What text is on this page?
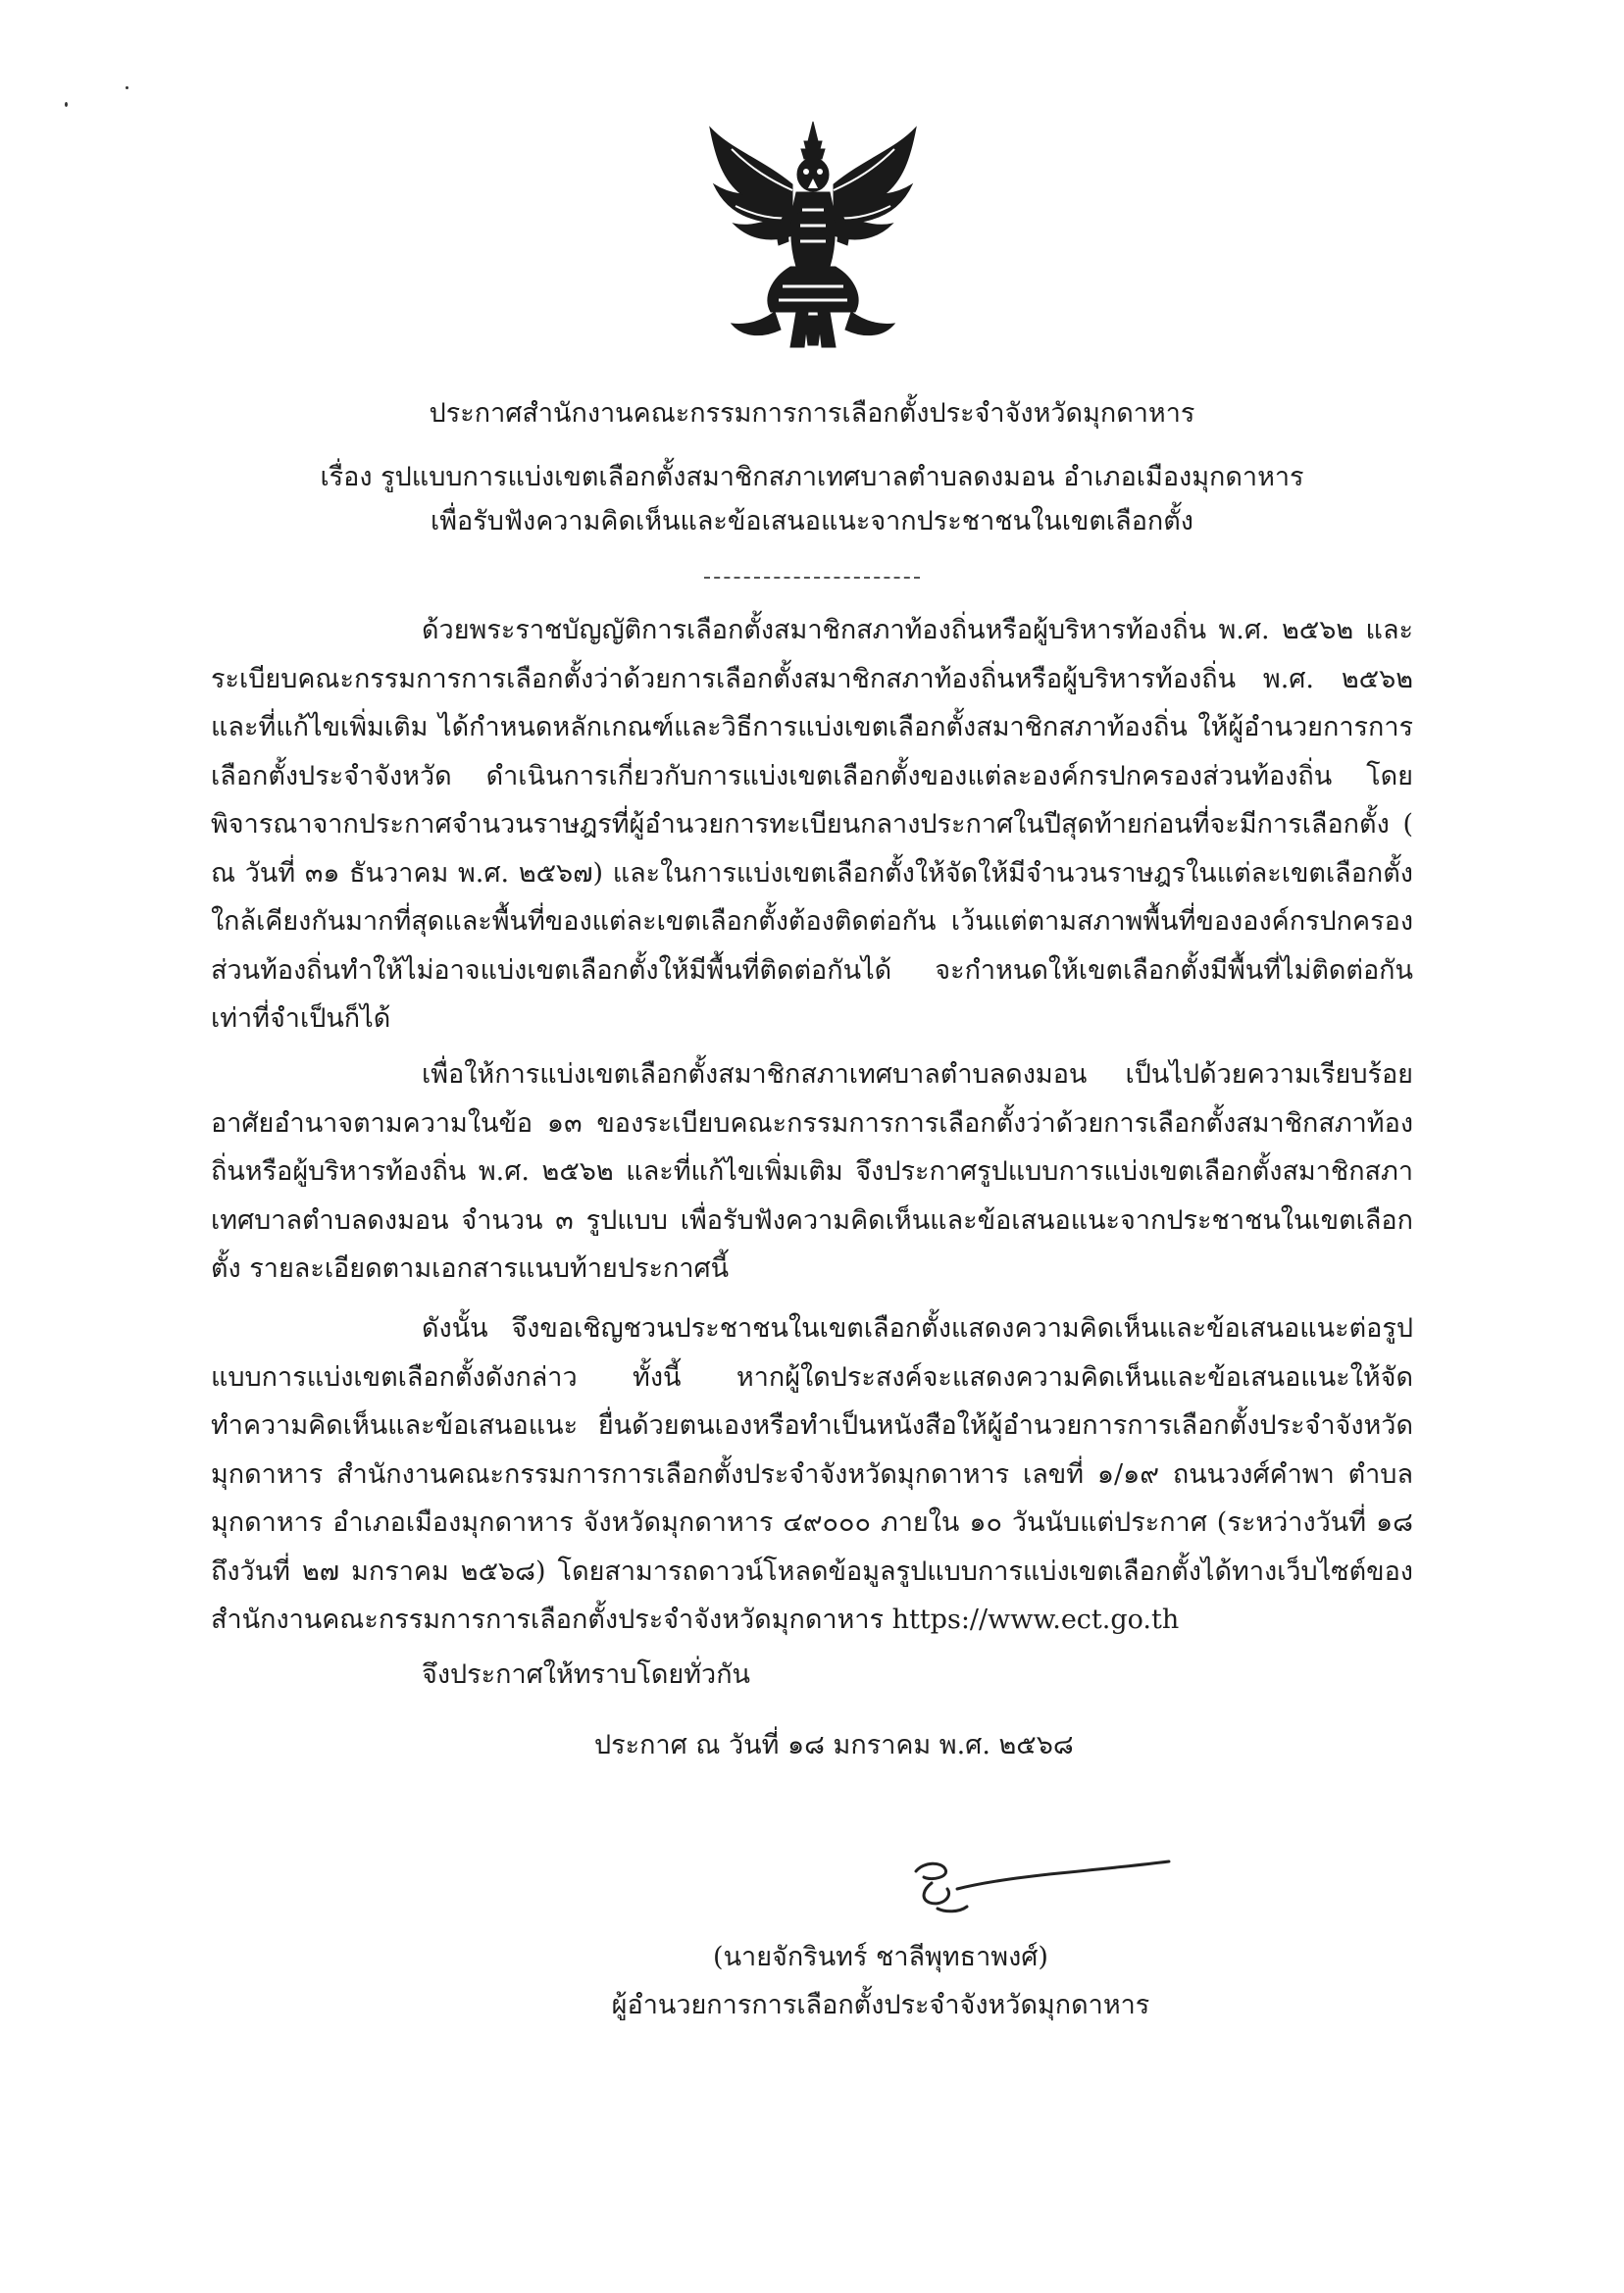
ประกาศสำนักงานคณะกรรมการการเลือกตั้งประจำจังหวัดมุกดาหาร
เรื่อง รูปแบบการแบ่งเขตเลือกตั้งสมาชิกสภาเทศบาลตำบลดงมอน อำเภอเมืองมุกดาหาร
เพื่อรับฟังความคิดเห็นและข้อเสนอแนะจากประชาชนในเขตเลือกตั้ง

ด้วยพระราชบัญญัติการเลือกตั้งสมาชิกสภาท้องถิ่นหรือผู้บริหารท้องถิ่น พ.ศ. ๒๕๖๒ และระเบียบคณะกรรมการการเลือกตั้งว่าด้วยการเลือกตั้งสมาชิกสภาท้องถิ่นหรือผู้บริหารท้องถิ่น พ.ศ. ๒๕๖๒ และที่แก้ไขเพิ่มเติม ได้กำหนดหลักเกณฑ์และวิธีการแบ่งเขตเลือกตั้งสมาชิกสภาท้องถิ่น ให้ผู้อำนวยการการเลือกตั้งประจำจังหวัด ดำเนินการเกี่ยวกับการแบ่งเขตเลือกตั้งของแต่ละองค์กรปกครองส่วนท้องถิ่น โดยพิจารณาจากประกาศจำนวนราษฎรที่ผู้อำนวยการทะเบียนกลางประกาศในปีสุดท้ายก่อนที่จะมีการเลือกตั้ง ( ณ วันที่ ๓๑ ธันวาคม พ.ศ. ๒๕๖๗) และในการแบ่งเขตเลือกตั้งให้จัดให้มีจำนวนราษฎรในแต่ละเขตเลือกตั้งใกล้เคียงกันมากที่สุดและพื้นที่ของแต่ละเขตเลือกตั้งต้องติดต่อกัน เว้นแต่ตามสภาพพื้นที่ขององค์กรปกครองส่วนท้องถิ่นทำให้ไม่อาจแบ่งเขตเลือกตั้งให้มีพื้นที่ติดต่อกันได้ จะกำหนดให้เขตเลือกตั้งมีพื้นที่ไม่ติดต่อกันเท่าที่จำเป็นก็ได้

เพื่อให้การแบ่งเขตเลือกตั้งสมาชิกสภาเทศบาลตำบลดงมอน เป็นไปด้วยความเรียบร้อย อาศัยอำนาจตามความในข้อ ๑๓ ของระเบียบคณะกรรมการการเลือกตั้งว่าด้วยการเลือกตั้งสมาชิกสภาท้องถิ่นหรือผู้บริหารท้องถิ่น พ.ศ. ๒๕๖๒ และที่แก้ไขเพิ่มเติม จึงประกาศรูปแบบการแบ่งเขตเลือกตั้งสมาชิกสภาเทศบาลตำบลดงมอน จำนวน ๓ รูปแบบ เพื่อรับฟังความคิดเห็นและข้อเสนอแนะจากประชาชนในเขตเลือกตั้ง รายละเอียดตามเอกสารแนบท้ายประกาศนี้

ดังนั้น จึงขอเชิญชวนประชาชนในเขตเลือกตั้งแสดงความคิดเห็นและข้อเสนอแนะต่อรูปแบบการแบ่งเขตเลือกตั้งดังกล่าว ทั้งนี้ หากผู้ใดประสงค์จะแสดงความคิดเห็นและข้อเสนอแนะให้จัดทำความคิดเห็นและข้อเสนอแนะ ยื่นด้วยตนเองหรือทำเป็นหนังสือให้ผู้อำนวยการการเลือกตั้งประจำจังหวัดมุกดาหาร สำนักงานคณะกรรมการการเลือกตั้งประจำจังหวัดมุกดาหาร เลขที่ ๑/๑๙ ถนนวงศ์คำพา ตำบลมุกดาหาร อำเภอเมืองมุกดาหาร จังหวัดมุกดาหาร ๔๙๐๐๐ ภายใน ๑๐ วันนับแต่ประกาศ (ระหว่างวันที่ ๑๘ ถึงวันที่ ๒๗ มกราคม ๒๕๖๘) โดยสามารถดาวน์โหลดข้อมูลรูปแบบการแบ่งเขตเลือกตั้งได้ทางเว็บไซต์ของสำนักงานคณะกรรมการการเลือกตั้งประจำจังหวัดมุกดาหาร https://www.ect.go.th

จึงประกาศให้ทราบโดยทั่วกัน
ประกาศ ณ วันที่ ๑๘ มกราคม พ.ศ. ๒๕๖๘
(นายจักรินทร์ ชาลีพุทธาพงศ์)
ผู้อำนวยการการเลือกตั้งประจำจังหวัดมุกดาหาร
